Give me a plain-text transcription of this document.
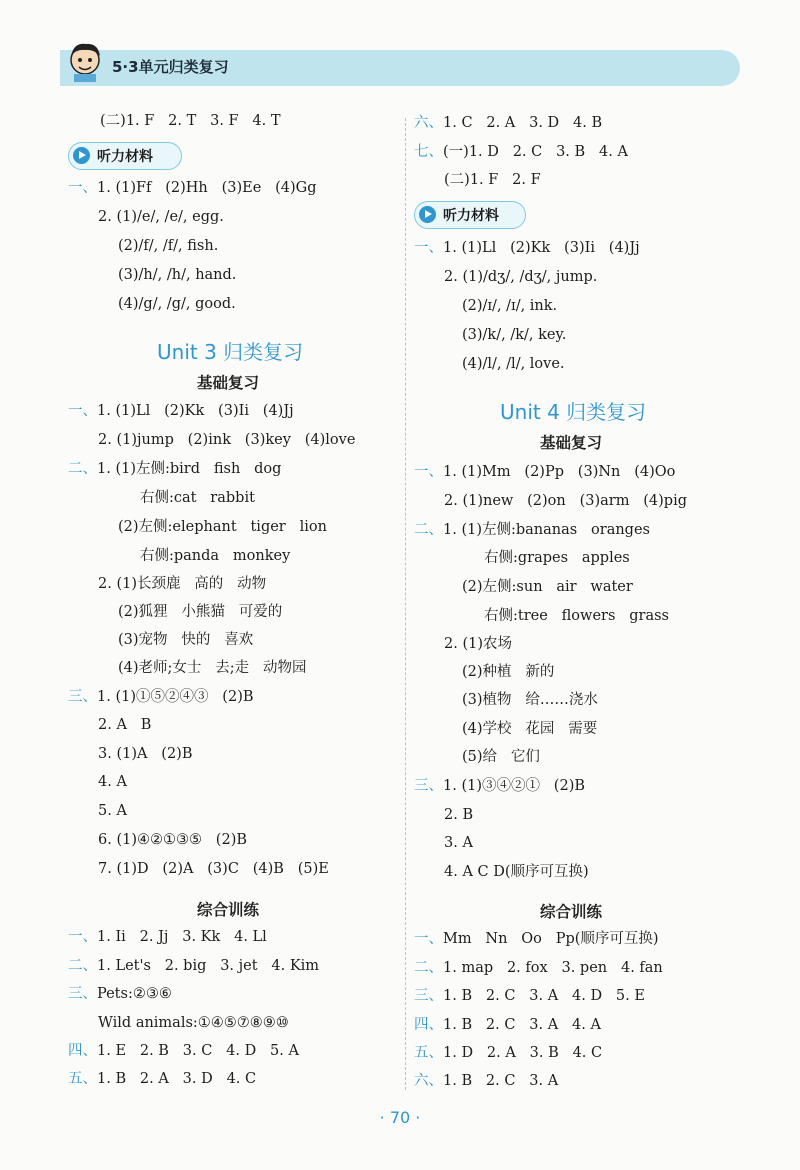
5·3单元归类复习
(二)1. F   2. T   3. F   4. T
听力材料
一、1. (1)Ff   (2)Hh   (3)Ee   (4)Gg
2. (1)/e/, /e/, egg.
(2)/f/, /f/, fish.
(3)/h/, /h/, hand.
(4)/g/, /g/, good.
Unit 3 归类复习
基础复习
一、1. (1)Ll   (2)Kk   (3)Ii   (4)Jj
2. (1)jump   (2)ink   (3)key   (4)love
二、1. (1)左侧:bird   fish   dog
右侧:cat   rabbit
(2)左侧:elephant   tiger   lion
右侧:panda   monkey
2. (1)长颈鹿   高的   动物
(2)狐狸   小熊猫   可爱的
(3)宠物   快的   喜欢
(4)老师;女士   去;走   动物园
三、1. (1)①⑤②④③   (2)B
2. A   B
3. (1)A   (2)B
4. A
5. A
6. (1)④②①③⑤   (2)B
7. (1)D   (2)A   (3)C   (4)B   (5)E
综合训练
一、1. Ii   2. Jj   3. Kk   4. Ll
二、1. Let's   2. big   3. jet   4. Kim
三、Pets:②③⑥
Wild animals:①④⑤⑦⑧⑨⑩
四、1. E   2. B   3. C   4. D   5. A
五、1. B   2. A   3. D   4. C
六、1. C   2. A   3. D   4. B
七、(一)1. D   2. C   3. B   4. A
(二)1. F   2. F
听力材料
一、1. (1)Ll   (2)Kk   (3)Ii   (4)Jj
2. (1)/dʒ/, /dʒ/, jump.
(2)/ɪ/, /ɪ/, ink.
(3)/k/, /k/, key.
(4)/l/, /l/, love.
Unit 4 归类复习
基础复习
一、1. (1)Mm   (2)Pp   (3)Nn   (4)Oo
2. (1)new   (2)on   (3)arm   (4)pig
二、1. (1)左侧:bananas   oranges
右侧:grapes   apples
(2)左侧:sun   air   water
右侧:tree   flowers   grass
2. (1)农场
(2)种植   新的
(3)植物   给……浇水
(4)学校   花园   需要
(5)给   它们
三、1. (1)③④②①   (2)B
2. B
3. A
4. A C D(顺序可互换)
综合训练
一、Mm   Nn   Oo   Pp(顺序可互换)
二、1. map   2. fox   3. pen   4. fan
三、1. B   2. C   3. A   4. D   5. E
四、1. B   2. C   3. A   4. A
五、1. D   2. A   3. B   4. C
六、1. B   2. C   3. A
· 70 ·
